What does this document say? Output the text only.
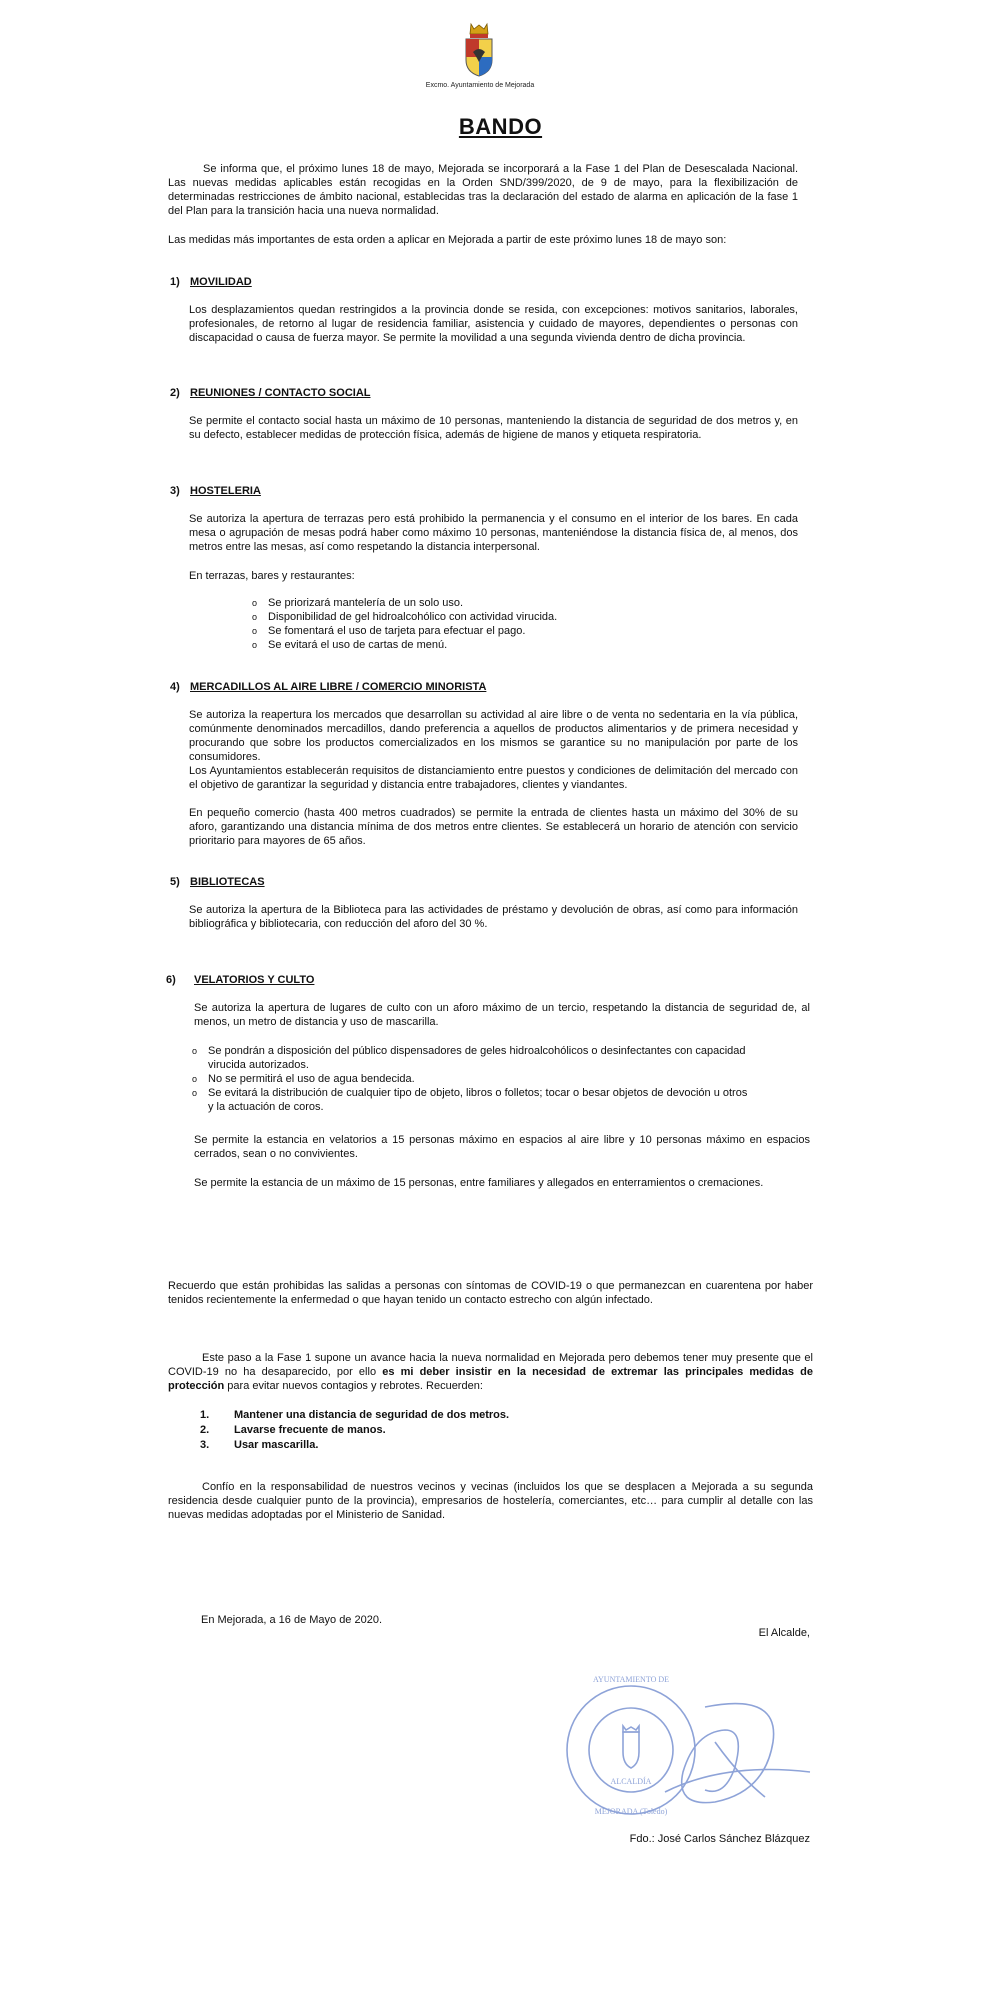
Excmo. Ayuntamiento de Mejorada
BANDO

Se informa que, el próximo lunes 18 de mayo, Mejorada se incorporará a la Fase 1 del Plan de Desescalada Nacional. Las nuevas medidas aplicables están recogidas en la Orden SND/399/2020, de 9 de mayo, para la flexibilización de determinadas restricciones de ámbito nacional, establecidas tras la declaración del estado de alarma en aplicación de la fase 1 del Plan para la transición hacia una nueva normalidad.

Las medidas más importantes de esta orden a aplicar en Mejorada a partir de este próximo lunes 18 de mayo son:

1) MOVILIDAD

Los desplazamientos quedan restringidos a la provincia donde se resida, con excepciones: motivos sanitarios, laborales, profesionales, de retorno al lugar de residencia familiar, asistencia y cuidado de mayores, dependientes o personas con discapacidad o causa de fuerza mayor. Se permite la movilidad a una segunda vivienda dentro de dicha provincia.

2) REUNIONES / CONTACTO SOCIAL

Se permite el contacto social hasta un máximo de 10 personas, manteniendo la distancia de seguridad de dos metros y, en su defecto, establecer medidas de protección física, además de higiene de manos y etiqueta respiratoria.

3) HOSTELERIA

Se autoriza la apertura de terrazas pero está prohibido la permanencia y el consumo en el interior de los bares. En cada mesa o agrupación de mesas podrá haber como máximo 10 personas, manteniéndose la distancia física de, al menos, dos metros entre las mesas, así como respetando la distancia interpersonal.

En terrazas, bares y restaurantes:

o Se priorizará mantelería de un solo uso.
o Disponibilidad de gel hidroalcohólico con actividad virucida.
o Se fomentará el uso de tarjeta para efectuar el pago.
o Se evitará el uso de cartas de menú.
4) MERCADILLOS AL AIRE LIBRE / COMERCIO MINORISTA

Se autoriza la reapertura los mercados que desarrollan su actividad al aire libre o de venta no sedentaria en la vía pública, comúnmente denominados mercadillos, dando preferencia a aquellos de productos alimentarios y de primera necesidad y procurando que sobre los productos comercializados en los mismos se garantice su no manipulación por parte de los consumidores.

Los Ayuntamientos establecerán requisitos de distanciamiento entre puestos y condiciones de delimitación del mercado con el objetivo de garantizar la seguridad y distancia entre trabajadores, clientes y viandantes.

En pequeño comercio (hasta 400 metros cuadrados) se permite la entrada de clientes hasta un máximo del 30% de su aforo, garantizando una distancia mínima de dos metros entre clientes. Se establecerá un horario de atención con servicio prioritario para mayores de 65 años.

5) BIBLIOTECAS

Se autoriza la apertura de la Biblioteca para las actividades de préstamo y devolución de obras, así como para información bibliográfica y bibliotecaria, con reducción del aforo del 30 %.

6) VELATORIOS Y CULTO

Se autoriza la apertura de lugares de culto con un aforo máximo de un tercio, respetando la distancia de seguridad de, al menos, un metro de distancia y uso de mascarilla.

o Se pondrán a disposición del público dispensadores de geles hidroalcohólicos o desinfectantes con capacidad virucida autorizados.
o No se permitirá el uso de agua bendecida.
o Se evitará la distribución de cualquier tipo de objeto, libros o folletos; tocar o besar objetos de devoción u otros y la actuación de coros.

Se permite la estancia en velatorios a 15 personas máximo en espacios al aire libre y 10 personas máximo en espacios cerrados, sean o no convivientes.

Se permite la estancia de un máximo de 15 personas, entre familiares y allegados en enterramientos o cremaciones.

Recuerdo que están prohibidas las salidas a personas con síntomas de COVID-19 o que permanezcan en cuarentena por haber tenidos recientemente la enfermedad o que hayan tenido un contacto estrecho con algún infectado.

Este paso a la Fase 1 supone un avance hacia la nueva normalidad en Mejorada pero debemos tener muy presente que el COVID-19 no ha desaparecido, por ello es mi deber insistir en la necesidad de extremar las principales medidas de protección para evitar nuevos contagios y rebrotes. Recuerden:

1. Mantener una distancia de seguridad de dos metros.
2. Lavarse frecuente de manos.
3. Usar mascarilla.

Confío en la responsabilidad de nuestros vecinos y vecinas (incluidos los que se desplacen a Mejorada a su segunda residencia desde cualquier punto de la provincia), empresarios de hostelería, comerciantes, etc… para cumplir al detalle con las nuevas medidas adoptadas por el Ministerio de Sanidad.

En Mejorada, a 16 de Mayo de 2020.
El Alcalde,
AYUNTAMIENTO DE
ALCALDÍA
MEJORADA (Toledo)
Fdo.: José Carlos Sánchez Blázquez
